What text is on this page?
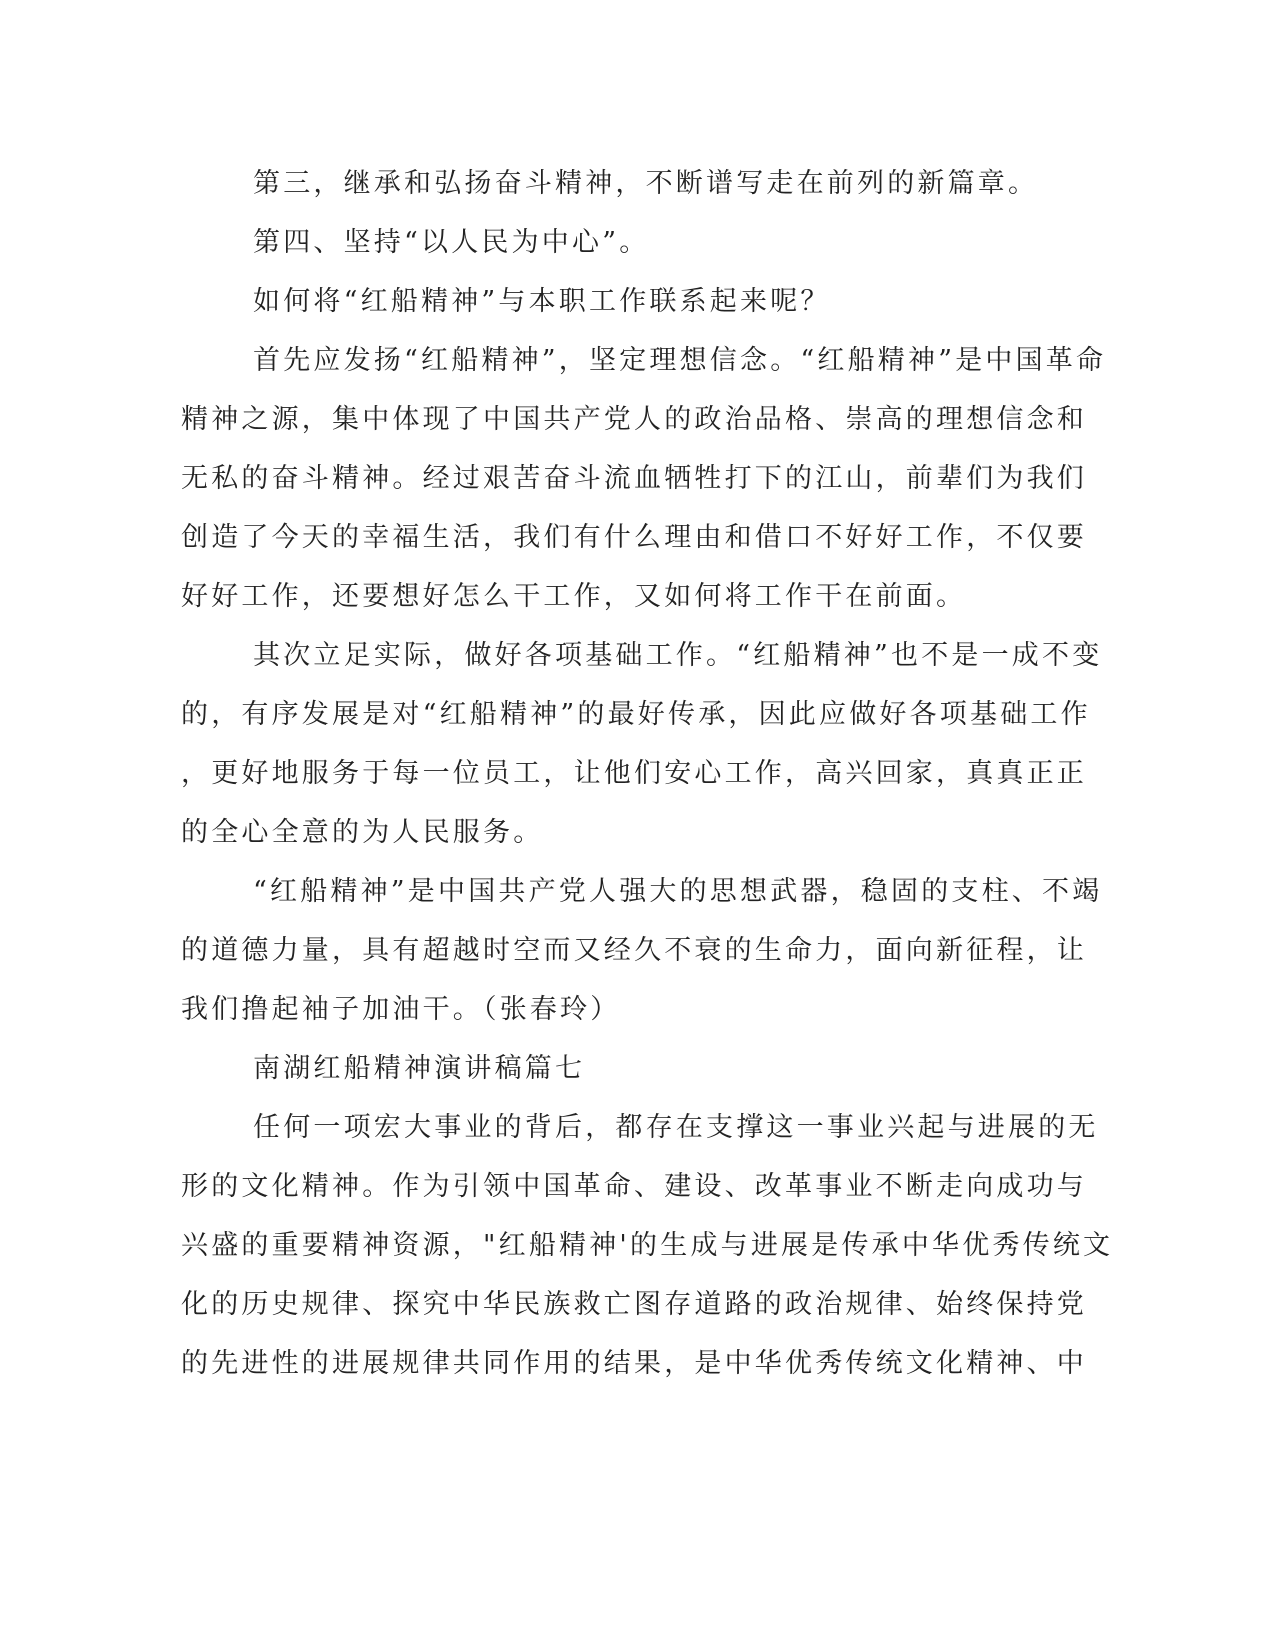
第三，继承和弘扬奋斗精神，不断谱写走在前列的新篇章。

第四、坚持“以人民为中心”。

如何将“红船精神”与本职工作联系起来呢？

首先应发扬“红船精神”，坚定理想信念。“红船精神”是中国革命
精神之源，集中体现了中国共产党人的政治品格、崇高的理想信念和
无私的奋斗精神。经过艰苦奋斗流血牺牲打下的江山，前辈们为我们
创造了今天的幸福生活，我们有什么理由和借口不好好工作，不仅要
好好工作，还要想好怎么干工作，又如何将工作干在前面。

其次立足实际，做好各项基础工作。“红船精神”也不是一成不变
的，有序发展是对“红船精神”的最好传承，因此应做好各项基础工作
，更好地服务于每一位员工，让他们安心工作，高兴回家，真真正正
的全心全意的为人民服务。

“红船精神”是中国共产党人强大的思想武器，稳固的支柱、不竭
的道德力量，具有超越时空而又经久不衰的生命力，面向新征程，让
我们撸起袖子加油干。（张春玲）

南湖红船精神演讲稿篇七

任何一项宏大事业的背后，都存在支撑这一事业兴起与进展的无
形的文化精神。作为引领中国革命、建设、改革事业不断走向成功与
兴盛的重要精神资源，"红船精神'的生成与进展是传承中华优秀传统文
化的历史规律、探究中华民族救亡图存道路的政治规律、始终保持党
的先进性的进展规律共同作用的结果，是中华优秀传统文化精神、中
